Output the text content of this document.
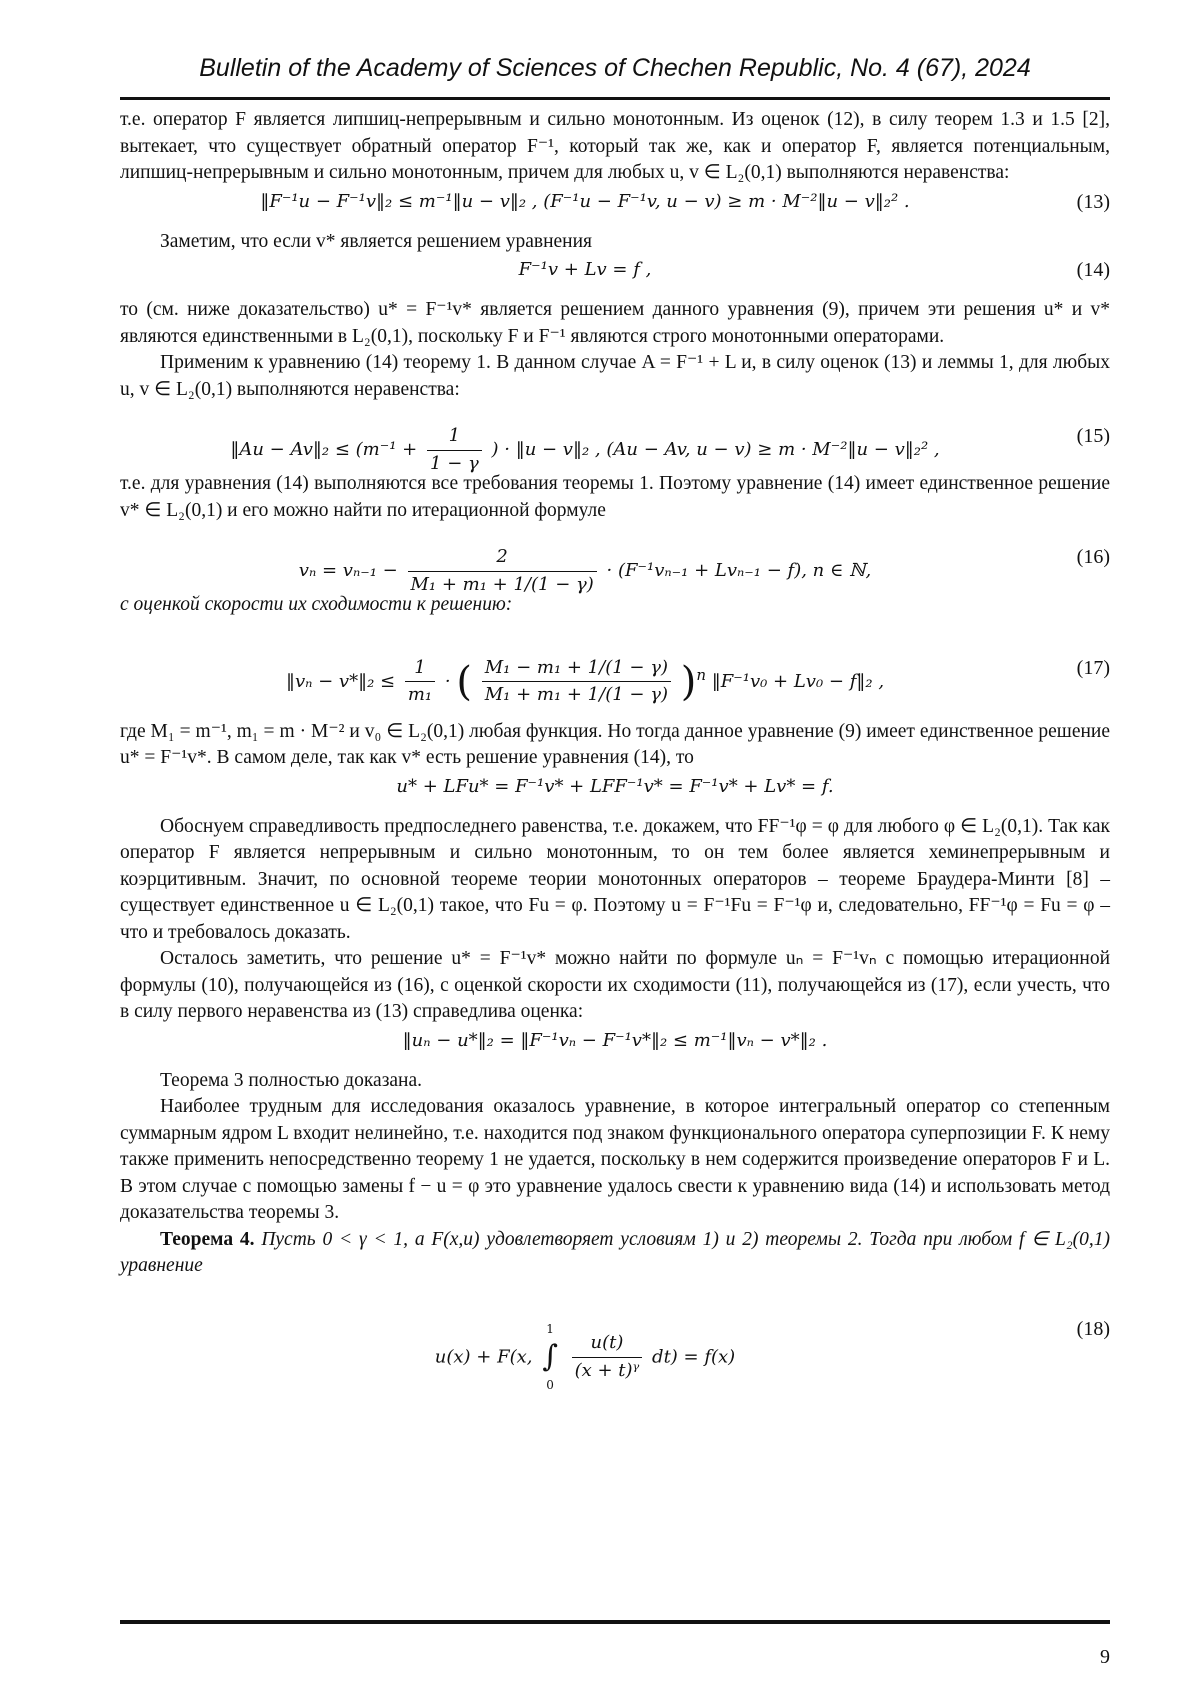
Bulletin of the Academy of Sciences of Chechen Republic, No. 4 (67), 2024

т.е. оператор F является липшиц-непрерывным и сильно монотонным. Из оценок (12), в силу теорем 1.3 и 1.5 [2], вытекает, что существует обратный оператор F⁻¹, который так же, как и оператор F, является потенциальным, липшиц-непрерывным и сильно монотонным, причем для любых u, v ∈ L₂(0,1) выполняются неравенства:

‖F⁻¹u − F⁻¹v‖₂ ≤ m⁻¹‖u − v‖₂ , (F⁻¹u − F⁻¹v, u − v) ≥ m · M⁻²‖u − v‖₂² .	(13)

Заметим, что если v* является решением уравнения

F⁻¹v + Lv = f ,	(14)

то (см. ниже доказательство) u* = F⁻¹v* является решением данного уравнения (9), причем эти решения u* и v* являются единственными в L₂(0,1), поскольку F и F⁻¹ являются строго монотонными операторами.

Применим к уравнению (14) теорему 1. В данном случае A = F⁻¹ + L и, в силу оценок (13) и леммы 1, для любых u, v ∈ L₂(0,1) выполняются неравенства:

‖Au − Av‖₂ ≤ ($m^{-1} + \frac{1}{1 - \gamma}$ ) · ‖u − v‖₂ , (Au − Av, u − v) ≥ m · M⁻²‖u − v‖₂² ,
(15)

т.е. для уравнения (14) выполняются все требования теоремы 1. Поэтому уравнение (14) имеет единственное решение v* ∈ L₂(0,1) и его можно найти по итерационной формуле

$v_n = v_{n-1} - \frac{2}{\text{M₁ + m₁ + 1/(1 − γ)}} \cdot (F^{-1}v_{n-1} + Lv_{n-1} - f)$, n ∈ ℕ,
(16)

с оценкой скорости их сходимости к решению:

‖vₙ − v*‖₂ ≤ $\frac{1}{\text{m₁}}$ · ( $\frac{\text{M₁ − m₁ + 1/(1 − γ)}}{\text{M₁ + m₁ + 1/(1 − γ)}} )^n$ ‖F⁻¹v₀ + Lv₀ − f‖₂ ,
(17)

где M₁ = m⁻¹, m₁ = m · M⁻² и v₀ ∈ L₂(0,1) любая функция. Но тогда данное уравнение (9) имеет единственное решение u* = F⁻¹v*. В самом деле, так как v* есть решение уравнения (14), то

u* + LFu* = F⁻¹v* + LFF⁻¹v* = F⁻¹v* + Lv* = f.

Обоснуем справедливость предпоследнего равенства, т.е. докажем, что FF⁻¹φ = φ для любого φ ∈ L₂(0,1). Так как оператор F является непрерывным и сильно монотонным, то он тем более является хеминепрерывным и коэрцитивным. Значит, по основной теореме теории монотонных операторов – теореме Браудера-Минти [8] – существует единственное u ∈ L₂(0,1) такое, что Fu = φ. Поэтому u = F⁻¹Fu = F⁻¹φ и, следовательно, FF⁻¹φ = Fu = φ – что и требовалось доказать.

Осталось заметить, что решение u* = F⁻¹v* можно найти по формуле uₙ = F⁻¹vₙ с помощью итерационной формулы (10), получающейся из (16), с оценкой скорости их сходимости (11), получающейся из (17), если учесть, что в силу первого неравенства из (13) справедлива оценка:

‖uₙ − u*‖₂ = ‖F⁻¹vₙ − F⁻¹v*‖₂ ≤ m⁻¹‖vₙ − v*‖₂ .

Теорема 3 полностью доказана.

Наиболее трудным для исследования оказалось уравнение, в которое интегральный оператор со степенным суммарным ядром L входит нелинейно, т.е. находится под знаком функционального оператора суперпозиции F. К нему также применить непосредственно теорему 1 не удается, поскольку в нем содержится произведение операторов F и L. В этом случае с помощью замены f − u = φ это уравнение удалось свести к уравнению вида (14) и использовать метод доказательства теоремы 3.

Теорема 4. Пусть 0 < γ < 1, а F(x,u) удовлетворяет условиям 1) и 2) теоремы 2. Тогда при любом f ∈ L₂(0,1) уравнение

u(x) + F(x,
1
∫
0

$\frac{u(t)}{\text{(x + t)ᵞ}} dt) = f(x)$
(18)
9
